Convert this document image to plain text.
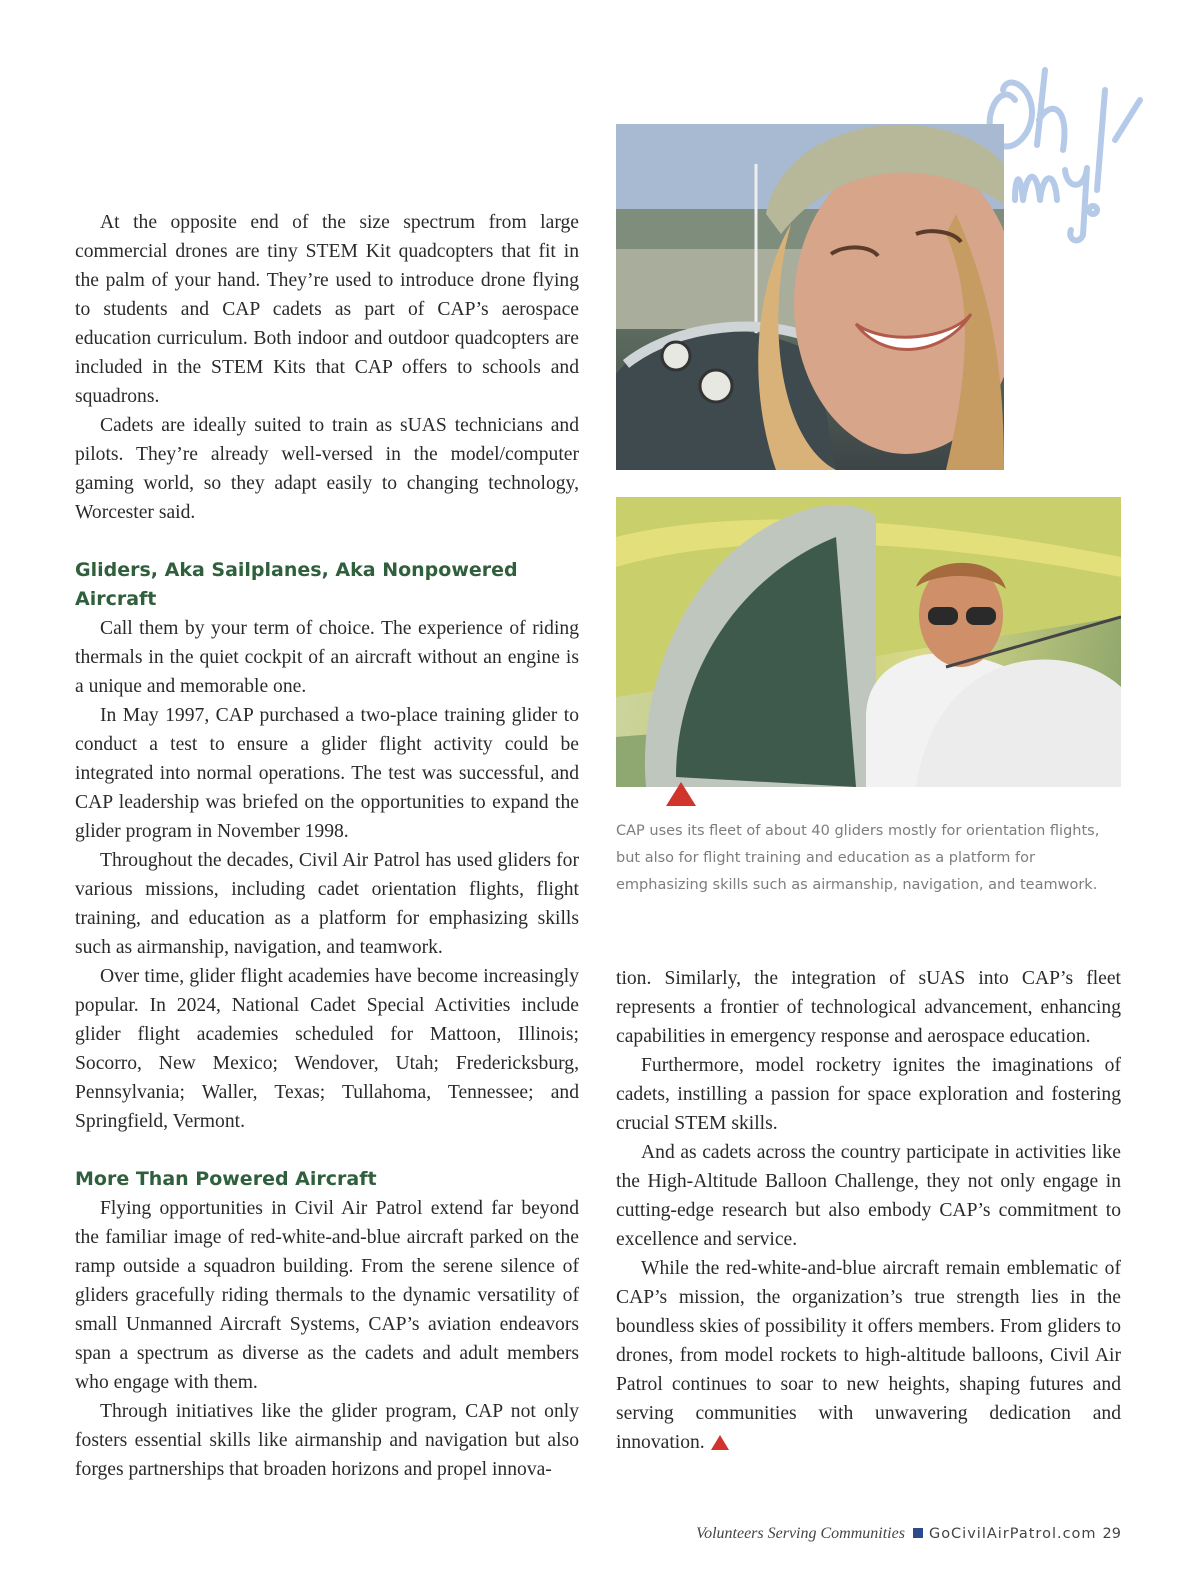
CAP uses its fleet of about 40 gliders mostly for orientation flights, but also for flight training and education as a platform for emphasizing skills such as airmanship, navigation, and teamwork.

At the opposite end of the size spectrum from large commercial drones are tiny STEM Kit quadcopters that fit in the palm of your hand. They’re used to introduce drone flying to students and CAP cadets as part of CAP’s aerospace education curriculum. Both indoor and outdoor quadcopters are included in the STEM Kits that CAP offers to schools and squadrons.

Cadets are ideally suited to train as sUAS technicians and pilots. They’re already well-versed in the model/computer gaming world, so they adapt easily to changing technology, Worcester said.

Gliders, Aka Sailplanes, Aka Nonpowered Aircraft

Call them by your term of choice. The experience of riding thermals in the quiet cockpit of an aircraft without an engine is a unique and memorable one.

In May 1997, CAP purchased a two-place training glider to conduct a test to ensure a glider flight activity could be integrated into normal operations. The test was successful, and CAP leadership was briefed on the opportunities to expand the glider program in November 1998.

Throughout the decades, Civil Air Patrol has used gliders for various missions, including cadet orientation flights, flight training, and education as a platform for emphasizing skills such as airmanship, navigation, and teamwork.

Over time, glider flight academies have become increasingly popular. In 2024, National Cadet Special Activities include glider flight academies scheduled for Mattoon, Illinois; Socorro, New Mexico; Wendover, Utah; Fredericksburg, Pennsylvania; Waller, Texas; Tullahoma, Tennessee; and Springfield, Vermont.

More Than Powered Aircraft

Flying opportunities in Civil Air Patrol extend far beyond the familiar image of red-white-and-blue aircraft parked on the ramp outside a squadron building. From the serene silence of gliders gracefully riding thermals to the dynamic versatility of small Unmanned Aircraft Systems, CAP’s aviation endeavors span a spectrum as diverse as the cadets and adult members who engage with them.

Through initiatives like the glider program, CAP not only fosters essential skills like airmanship and navigation but also forges partnerships that broaden horizons and propel innova-

tion. Similarly, the integration of sUAS into CAP’s fleet represents a frontier of technological advancement, enhancing capabilities in emergency response and aerospace education.

Furthermore, model rocketry ignites the imaginations of cadets, instilling a passion for space exploration and fostering crucial STEM skills.

And as cadets across the country participate in activities like the High-Altitude Balloon Challenge, they not only engage in cutting-edge research but also embody CAP’s commitment to excellence and service.

While the red-white-and-blue aircraft remain emblematic of CAP’s mission, the organization’s true strength lies in the boundless skies of possibility it offers members. From gliders to drones, from model rockets to high-altitude balloons, Civil Air Patrol continues to soar to new heights, shaping futures and serving communities with unwavering dedication and innovation.

Volunteers Serving Communities GoCivilAirPatrol.com 29
